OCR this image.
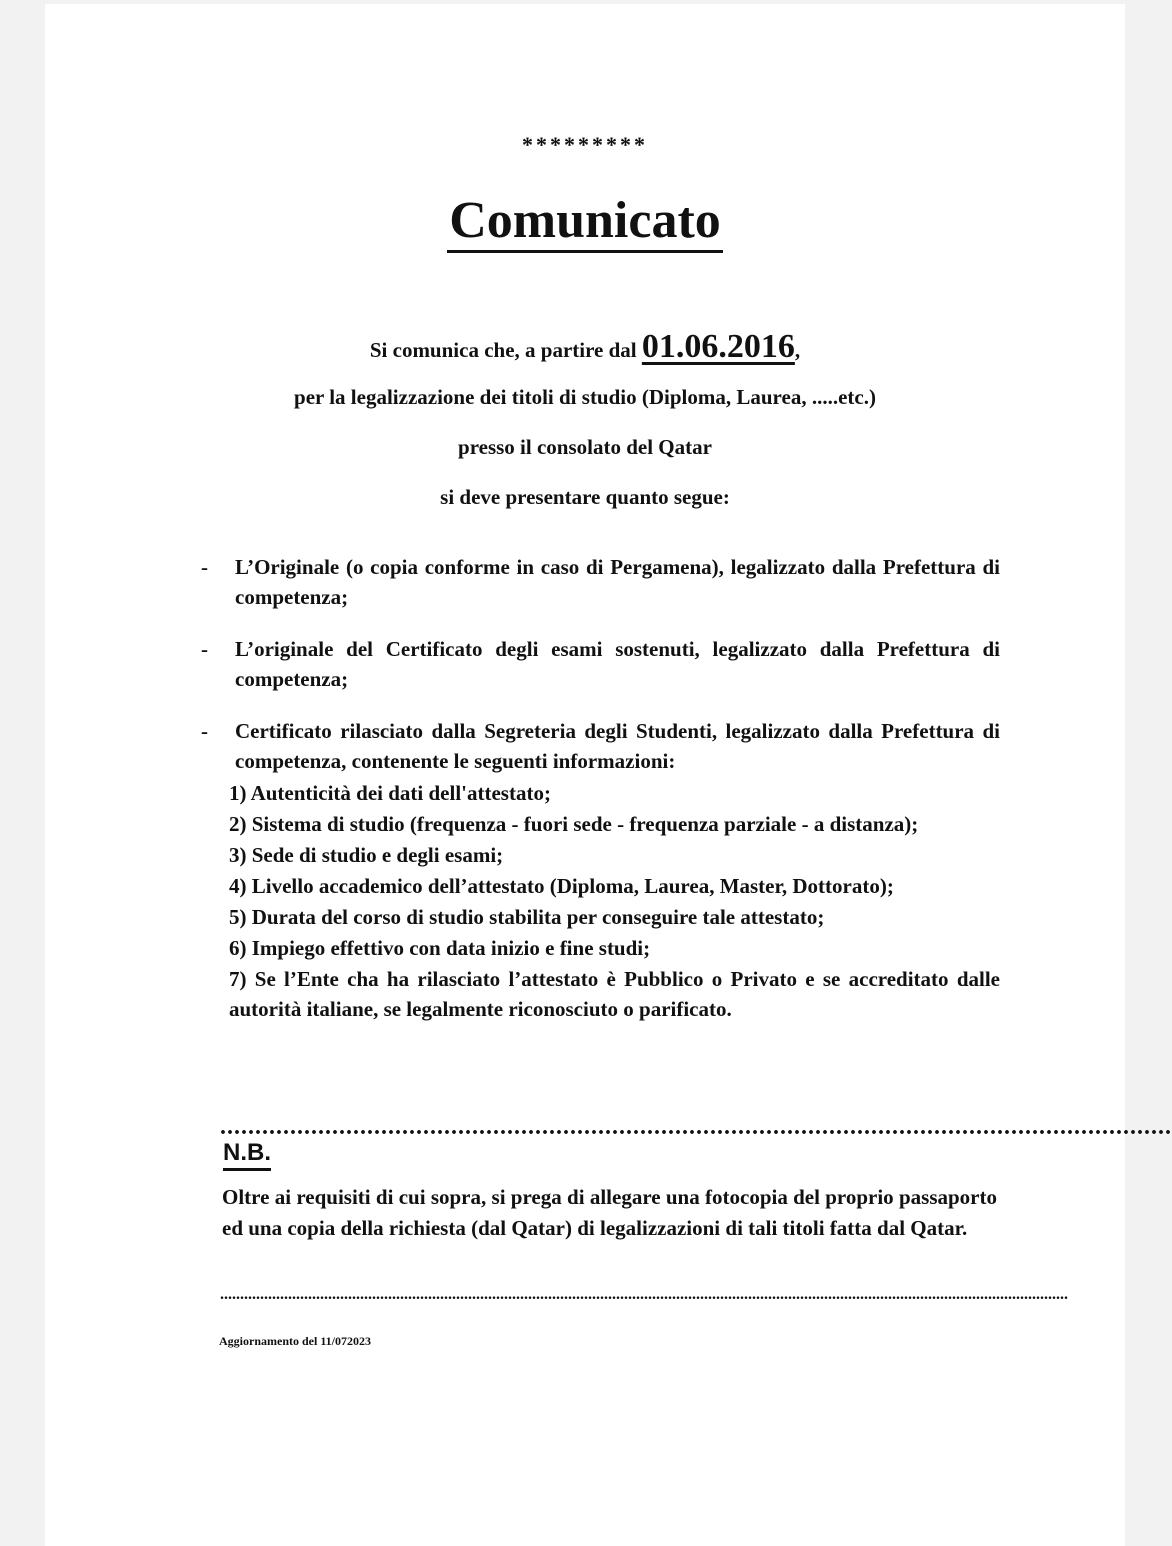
*********
Comunicato
Si comunica che, a partire dal 01.06.2016,
per la legalizzazione dei titoli di studio (Diploma, Laurea, .....etc.)
presso il consolato del Qatar
si deve presentare quanto segue:
- L’Originale (o copia conforme in caso di Pergamena), legalizzato dalla Prefettura di competenza;
- L’originale del Certificato degli esami sostenuti, legalizzato dalla Prefettura di competenza;
- Certificato rilasciato dalla Segreteria degli Studenti, legalizzato dalla Prefettura di competenza, contenente le seguenti informazioni:
1) Autenticità dei dati dell'attestato;
2) Sistema di studio (frequenza - fuori sede - frequenza parziale - a distanza);
3) Sede di studio e degli esami;
4) Livello accademico dell’attestato (Diploma, Laurea, Master, Dottorato);
5) Durata del corso di studio stabilita per conseguire tale attestato;
6) Impiego effettivo con data inizio e fine studi;
7) Se l’Ente cha ha rilasciato l’attestato è Pubblico o Privato e se accreditato dalle autorità italiane, se legalmente riconosciuto o parificato.
........................................................................................................................................
N.B.
Oltre ai requisiti di cui sopra, si prega di allegare una fotocopia del proprio passaporto ed una copia della richiesta (dal Qatar) di legalizzazioni di tali titoli fatta dal Qatar.
....................................................................................................................................................................................................................
Aggiornamento del 11/072023
